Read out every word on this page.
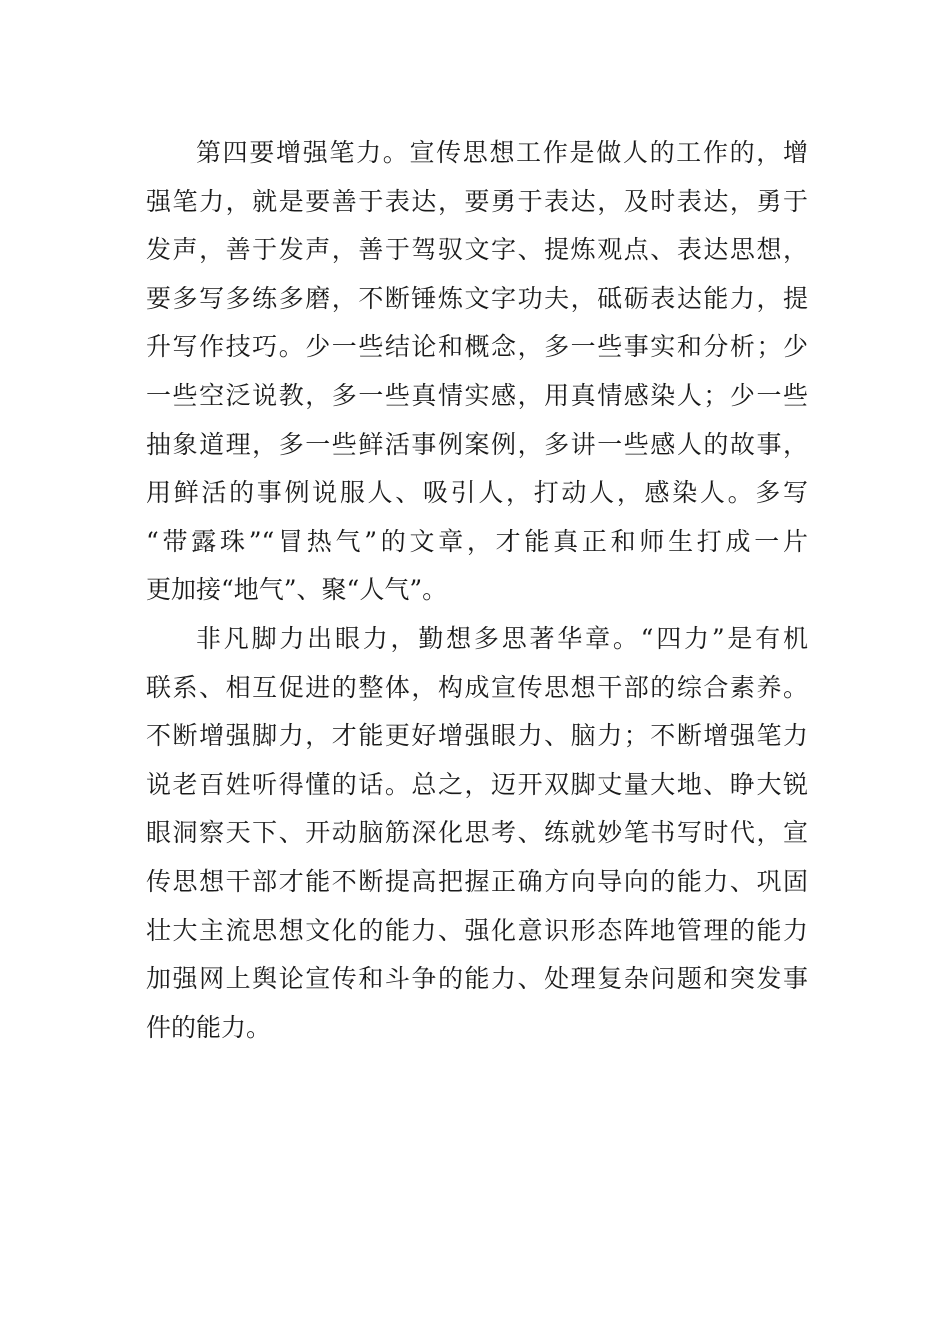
第四要增强笔力。宣传思想工作是做人的工作的，增
强笔力，就是要善于表达，要勇于表达，及时表达，勇于
发声，善于发声，善于驾驭文字、提炼观点、表达思想，
要多写多练多磨，不断锤炼文字功夫，砥砺表达能力，提
升写作技巧。少一些结论和概念，多一些事实和分析；少
一些空泛说教，多一些真情实感，用真情感染人；少一些
抽象道理，多一些鲜活事例案例，多讲一些感人的故事，
用鲜活的事例说服人、吸引人，打动人，感染人。多写
“带露珠”“冒热气”的文章，才能真正和师生打成一片
更加接“地气”、聚“人气”。
非凡脚力出眼力，勤想多思著华章。“四力”是有机
联系、相互促进的整体，构成宣传思想干部的综合素养。
不断增强脚力，才能更好增强眼力、脑力；不断增强笔力
说老百姓听得懂的话。总之，迈开双脚丈量大地、睁大锐
眼洞察天下、开动脑筋深化思考、练就妙笔书写时代，宣
传思想干部才能不断提高把握正确方向导向的能力、巩固
壮大主流思想文化的能力、强化意识形态阵地管理的能力
加强网上舆论宣传和斗争的能力、处理复杂问题和突发事
件的能力。
